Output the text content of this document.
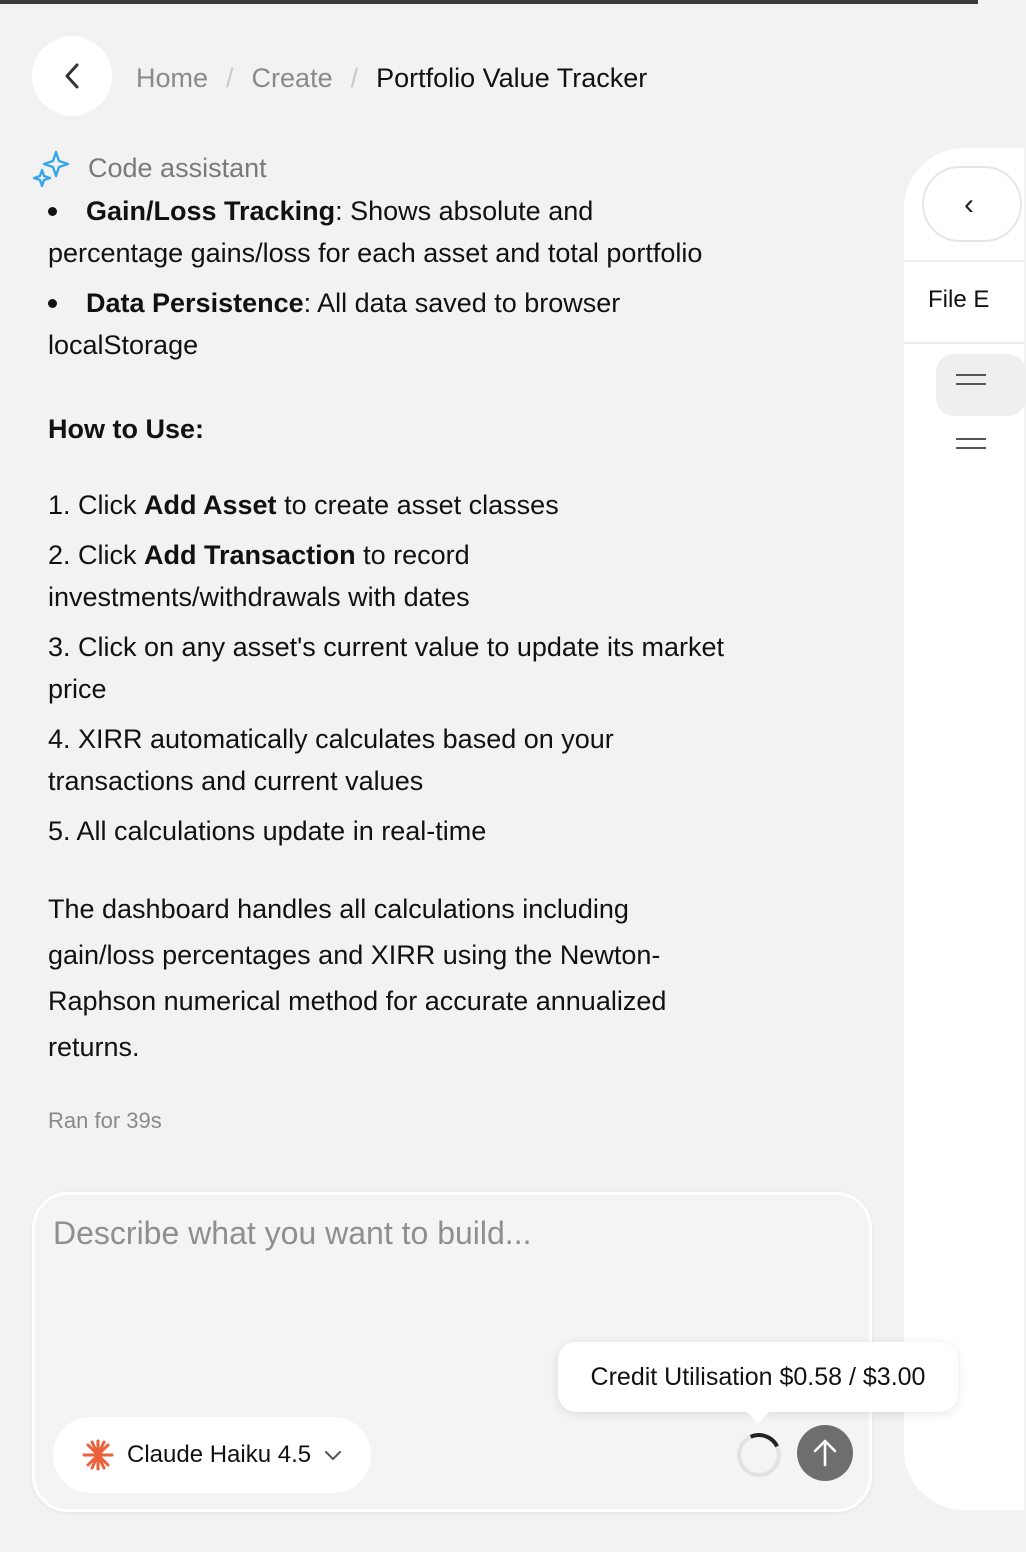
Home / Create / Portfolio Value Tracker
Code assistant
Gain/Loss Tracking: Shows absolute and
percentage gains/loss for each asset and total portfolio
Data Persistence: All data saved to browser
localStorage
How to Use:
1. Click Add Asset to create asset classes
2. Click Add Transaction to record investments/withdrawals with dates
3. Click on any asset's current value to update its market price
4. XIRR automatically calculates based on your transactions and current values
5. All calculations update in real-time

The dashboard handles all calculations including gain/loss percentages and XIRR using the Newton-Raphson numerical method for accurate annualized returns.

Ran for 39s
‹
File E
Describe what you want to build...
Claude Haiku 4.5
Credit Utilisation $0.58 / $3.00
